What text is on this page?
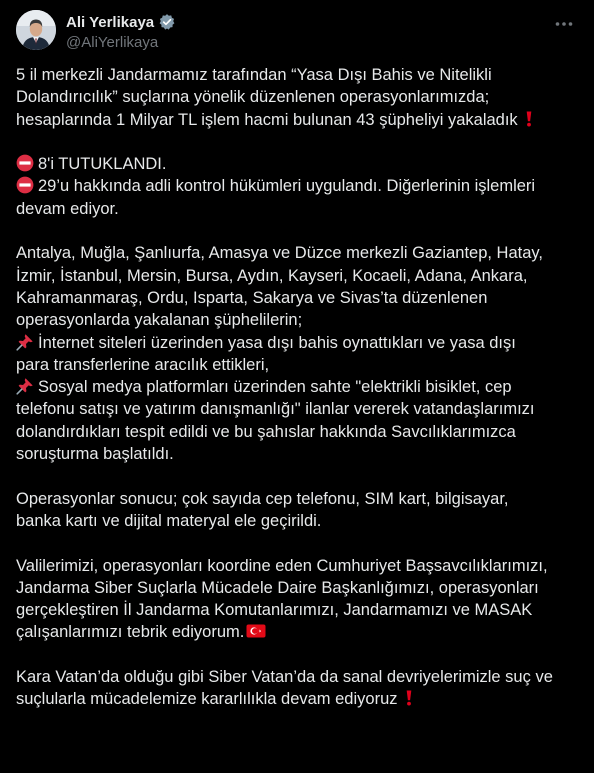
Ali Yerlikaya
@AliYerlikaya
5 il merkezli Jandarmamız tarafından “Yasa Dışı Bahis ve Nitelikli
Dolandırıcılık” suçlarına yönelik düzenlenen operasyonlarımızda;
hesaplarında 1 Milyar TL işlem hacmi bulunan 43 şüpheliyi yakaladık
8'i TUTUKLANDI.
29’u hakkında adli kontrol hükümleri uygulandı. Diğerlerinin işlemleri
devam ediyor.
Antalya, Muğla, Şanlıurfa, Amasya ve Düzce merkezli Gaziantep, Hatay,
İzmir, İstanbul, Mersin, Bursa, Aydın, Kayseri, Kocaeli, Adana, Ankara,
Kahramanmaraş, Ordu, Isparta, Sakarya ve Sivas’ta düzenlenen
operasyonlarda yakalanan şüphelilerin;
İnternet siteleri üzerinden yasa dışı bahis oynattıkları ve yasa dışı
para transferlerine aracılık ettikleri,
Sosyal medya platformları üzerinden sahte "elektrikli bisiklet, cep
telefonu satışı ve yatırım danışmanlığı" ilanlar vererek vatandaşlarımızı
dolandırdıkları tespit edildi ve bu şahıslar hakkında Savcılıklarımızca
soruşturma başlatıldı.
Operasyonlar sonucu; çok sayıda cep telefonu, SIM kart, bilgisayar,
banka kartı ve dijital materyal ele geçirildi.
Valilerimizi, operasyonları koordine eden Cumhuriyet Başsavcılıklarımızı,
Jandarma Siber Suçlarla Mücadele Daire Başkanlığımızı, operasyonları
gerçekleştiren İl Jandarma Komutanlarımızı, Jandarmamızı ve MASAK
çalışanlarımızı tebrik ediyorum.
Kara Vatan’da olduğu gibi Siber Vatan’da da sanal devriyelerimizle suç ve
suçlularla mücadelemize kararlılıkla devam ediyoruz
